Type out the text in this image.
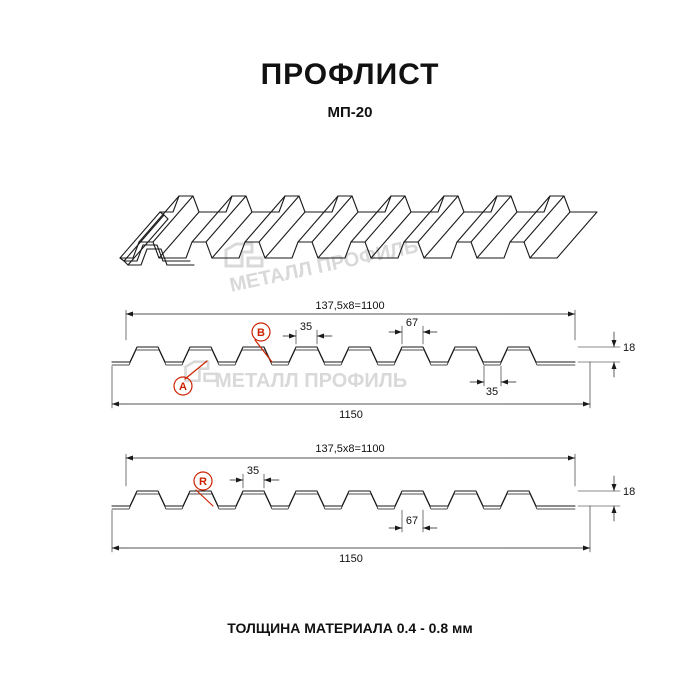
ПРОФЛИСТ
МП-20
МЕТАЛЛ ПРОФИЛЬ
МЕТАЛЛ ПРОФИЛЬ
137,5х8=1100
1150
18
35	67
35
137,5х8=1100
1150
18
35
67
A
B
R
ТОЛЩИНА МАТЕРИАЛА 0.4 - 0.8 мм
